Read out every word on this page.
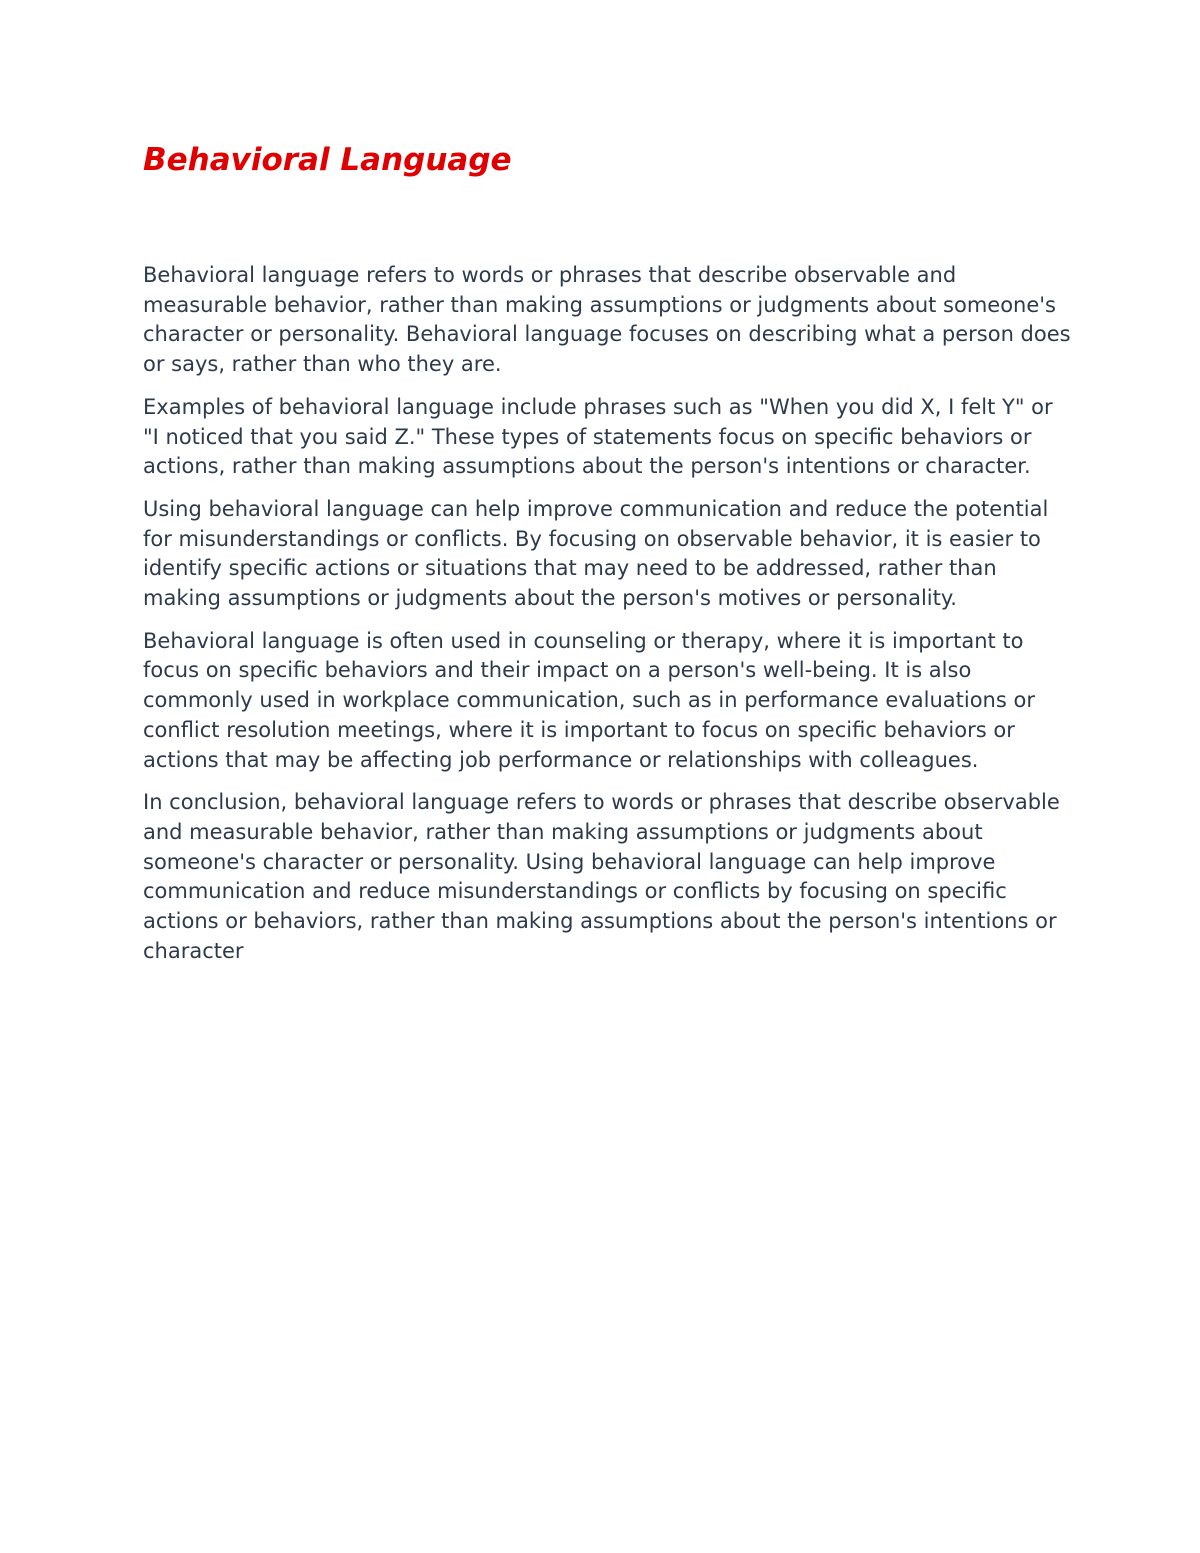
Behavioral Language

Behavioral language refers to words or phrases that describe observable and measurable behavior, rather than making assumptions or judgments about someone's character or personality. Behavioral language focuses on describing what a person does or says, rather than who they are.

Examples of behavioral language include phrases such as "When you did X, I felt Y" or "I noticed that you said Z." These types of statements focus on specific behaviors or actions, rather than making assumptions about the person's intentions or character.

Using behavioral language can help improve communication and reduce the potential for misunderstandings or conflicts. By focusing on observable behavior, it is easier to identify specific actions or situations that may need to be addressed, rather than making assumptions or judgments about the person's motives or personality.

Behavioral language is often used in counseling or therapy, where it is important to focus on specific behaviors and their impact on a person's well-being. It is also commonly used in workplace communication, such as in performance evaluations or conflict resolution meetings, where it is important to focus on specific behaviors or actions that may be affecting job performance or relationships with colleagues.

In conclusion, behavioral language refers to words or phrases that describe observable and measurable behavior, rather than making assumptions or judgments about someone's character or personality. Using behavioral language can help improve communication and reduce misunderstandings or conflicts by focusing on specific actions or behaviors, rather than making assumptions about the person's intentions or character
